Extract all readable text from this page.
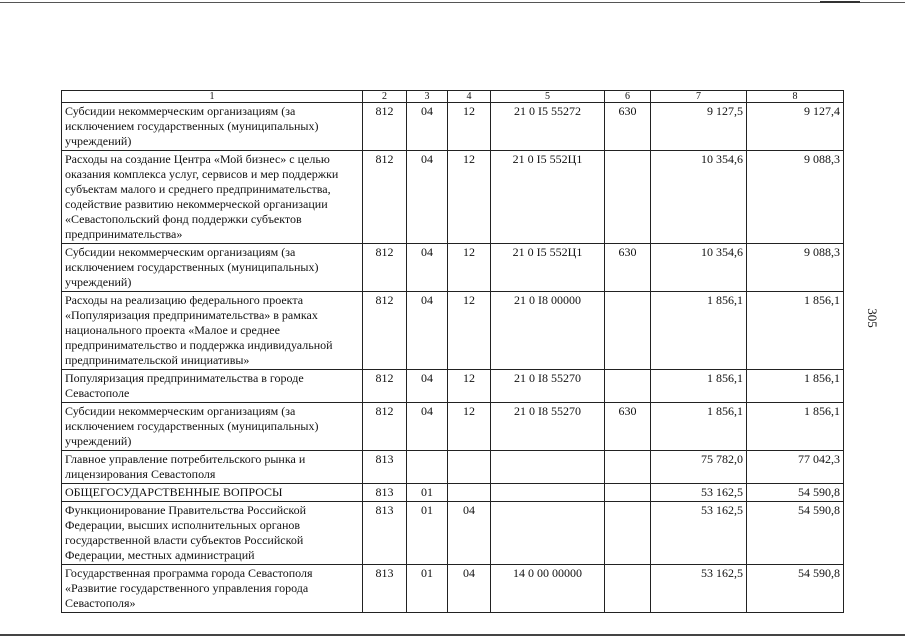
1	2	3	4	5	6	7	8
Субсидии некоммерческим организациям (за исключением государственных (муниципальных) учреждений)	812	04	12	21 0 I5 55272	630	9 127,5	9 127,4
Расходы на создание Центра «Мой бизнес» с целью оказания комплекса услуг, сервисов и мер поддержки субъектам малого и среднего предпринимательства, содействие развитию некоммерческой организации «Севастопольский фонд поддержки субъектов предпринимательства»	812	04	12	21 0 I5 552Ц1		10 354,6	9 088,3
Субсидии некоммерческим организациям (за исключением государственных (муниципальных) учреждений)	812	04	12	21 0 I5 552Ц1	630	10 354,6	9 088,3
Расходы на реализацию федерального проекта «Популяризация предпринимательства» в рамках национального проекта «Малое и среднее предпринимательство и поддержка индивидуальной предпринимательской инициативы»	812	04	12	21 0 I8 00000		1 856,1	1 856,1
Популяризация предпринимательства в городе Севастополе	812	04	12	21 0 I8 55270		1 856,1	1 856,1
Субсидии некоммерческим организациям (за исключением государственных (муниципальных) учреждений)	812	04	12	21 0 I8 55270	630	1 856,1	1 856,1
Главное управление потребительского рынка и лицензирования Севастополя	813					75 782,0	77 042,3
ОБЩЕГОСУДАРСТВЕННЫЕ ВОПРОСЫ	813	01				53 162,5	54 590,8
Функционирование Правительства Российской Федерации, высших исполнительных органов государственной власти субъектов Российской Федерации, местных администраций	813	01	04			53 162,5	54 590,8
Государственная программа города Севастополя «Развитие государственного управления города Севастополя»	813	01	04	14 0 00 00000		53 162,5	54 590,8
305
